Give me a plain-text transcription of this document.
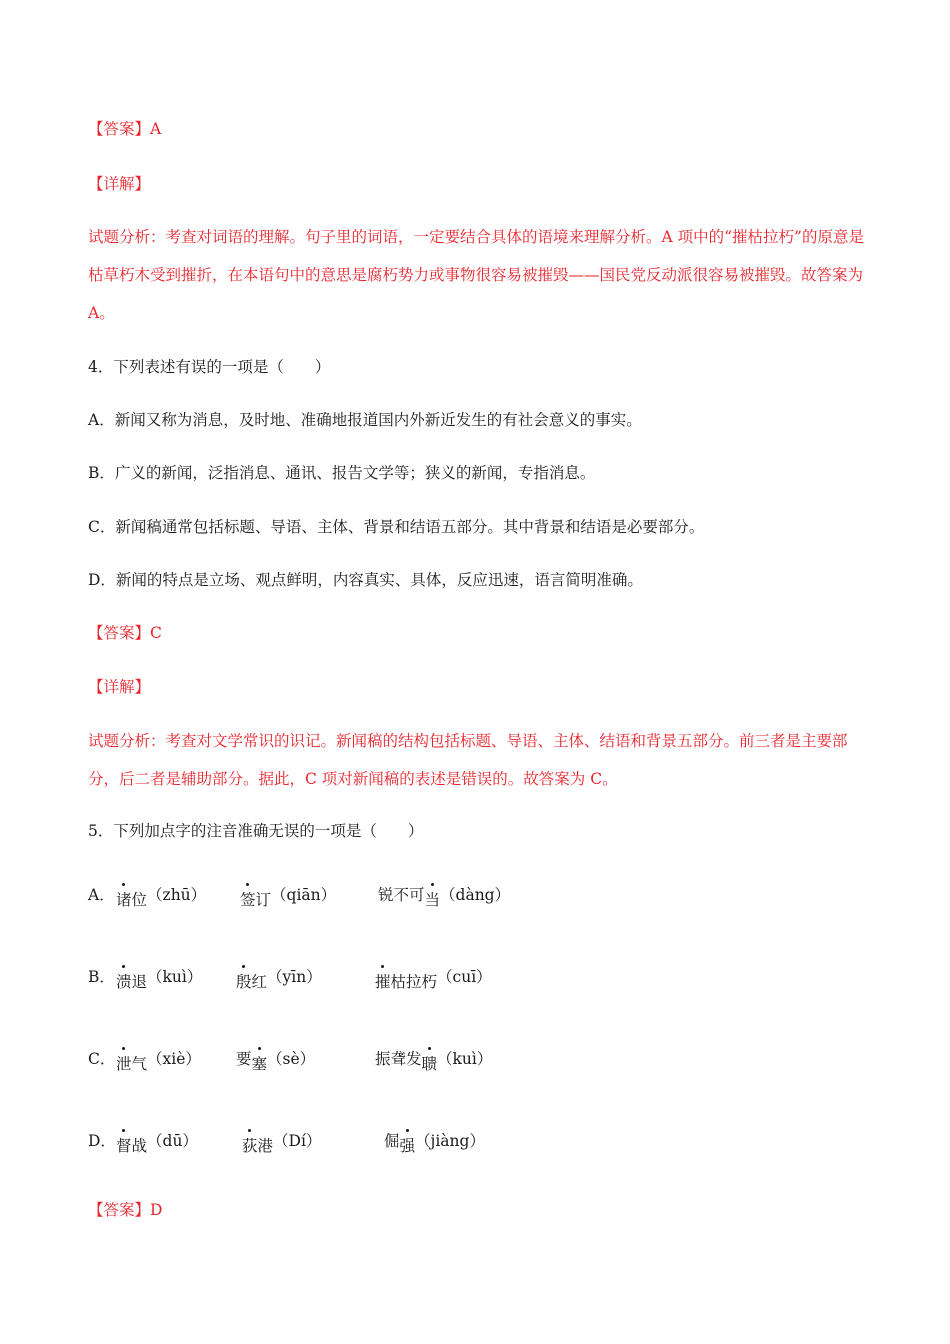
【答案】A
【详解】
试题分析：考查对词语的理解。句子里的词语，一定要结合具体的语境来理解分析。A 项中的“摧枯拉朽”的原意是枯草朽木受到摧折，在本语句中的意思是腐朽势力或事物很容易被摧毁——国民党反动派很容易被摧毁。故答案为 A。
4．下列表述有误的一项是（　　）
A．新闻又称为消息，及时地、准确地报道国内外新近发生的有社会意义的事实。
B．广义的新闻，泛指消息、通讯、报告文学等；狭义的新闻，专指消息。
C．新闻稿通常包括标题、导语、主体、背景和结语五部分。其中背景和结语是必要部分。
D．新闻的特点是立场、观点鲜明，内容真实、具体，反应迅速，语言简明准确。
【答案】C
【详解】
试题分析：考查对文学常识的识记。新闻稿的结构包括标题、导语、主体、结语和背景五部分。前三者是主要部分，后二者是辅助部分。据此，C 项对新闻稿的表述是错误的。故答案为 C。
5．下列加点字的注音准确无误的一项是（　　）
A． 诸位（zhū） 签订（qiān）	锐不可当（dàng）
B． 溃退（kuì） 殷红（yīn）	摧枯拉朽（cuī）
C． 泄气（xiè） 要塞（sè）	振聋发聩（kuì）
D． 督战（dū）	荻港（Dí）	倔强（jiàng）
【答案】D
